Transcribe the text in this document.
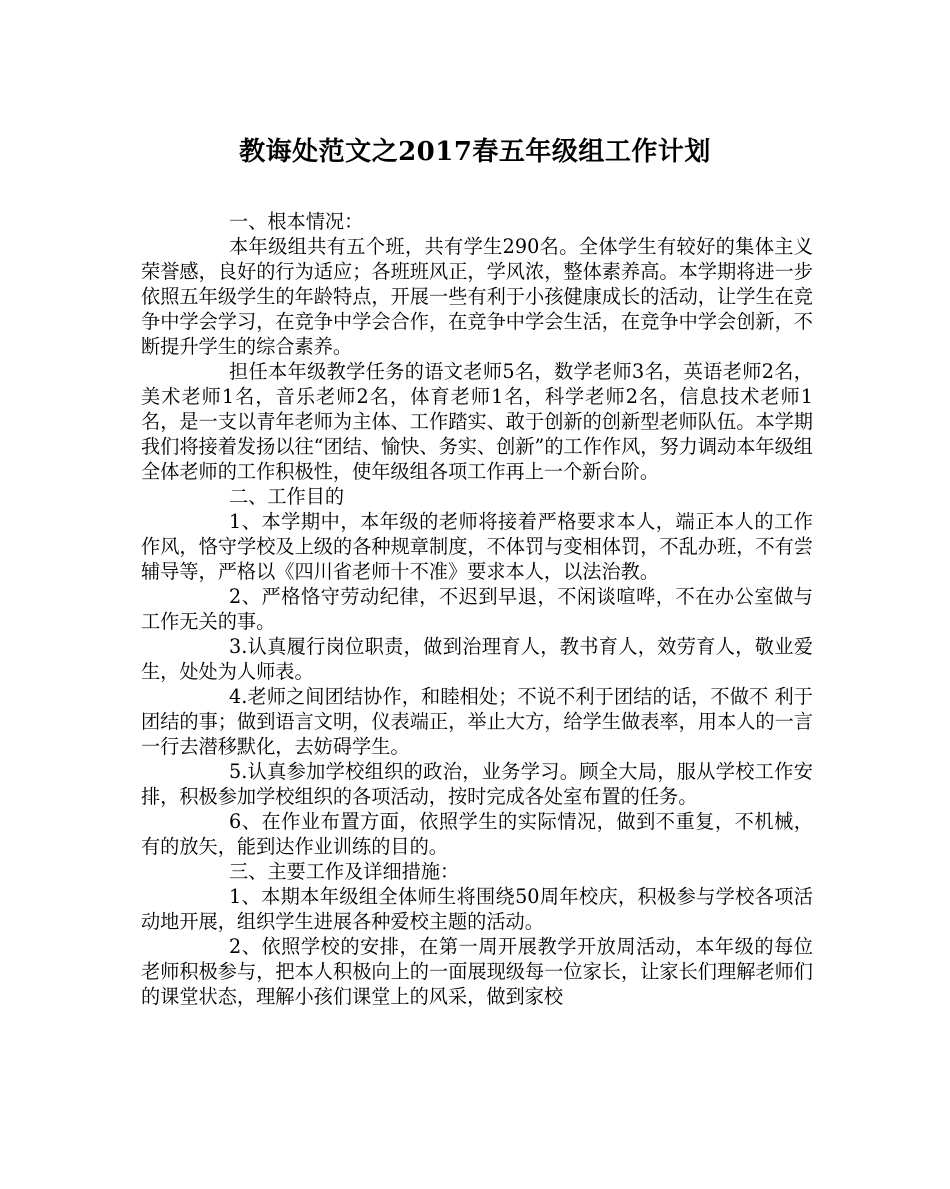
教诲处范文之2017春五年级组工作计划

一、根本情况：

本年级组共有五个班，共有学生290名。全体学生有较好的集体主义荣誉感，良好的行为适应；各班班风正，学风浓，整体素养高。本学期将进一步依照五年级学生的年龄特点，开展一些有利于小孩健康成长的活动，让学生在竞争中学会学习，在竞争中学会合作，在竞争中学会生活，在竞争中学会创新，不断提升学生的综合素养。

担任本年级教学任务的语文老师5名，数学老师3名，英语老师2名，美术老师1名，音乐老师2名，体育老师1名，科学老师2名，信息技术老师1名，是一支以青年老师为主体、工作踏实、敢于创新的创新型老师队伍。本学期我们将接着发扬以往“团结、愉快、务实、创新”的工作作风，努力调动本年级组全体老师的工作积极性，使年级组各项工作再上一个新台阶。

二、工作目的

1、本学期中，本年级的老师将接着严格要求本人，端正本人的工作作风，恪守学校及上级的各种规章制度，不体罚与变相体罚，不乱办班，不有尝辅导等，严格以《四川省老师十不准》要求本人，以法治教。

2、严格恪守劳动纪律，不迟到早退，不闲谈喧哗，不在办公室做与工作无关的事。

3.认真履行岗位职责，做到治理育人，教书育人，效劳育人，敬业爱生，处处为人师表。

4.老师之间团结协作，和睦相处；不说不利于团结的话，不做不 利于团结的事；做到语言文明，仪表端正，举止大方，给学生做表率，用本人的一言一行去潜移默化，去妨碍学生。

5.认真参加学校组织的政治，业务学习。顾全大局，服从学校工作安排，积极参加学校组织的各项活动，按时完成各处室布置的任务。

6、在作业布置方面，依照学生的实际情况，做到不重复，不机械，有的放矢，能到达作业训练的目的。

三、主要工作及详细措施：

1、本期本年级组全体师生将围绕50周年校庆，积极参与学校各项活动地开展，组织学生进展各种爱校主题的活动。

2、依照学校的安排，在第一周开展教学开放周活动，本年级的每位老师积极参与，把本人积极向上的一面展现级每一位家长，让家长们理解老师们的课堂状态，理解小孩们课堂上的风采，做到家校
